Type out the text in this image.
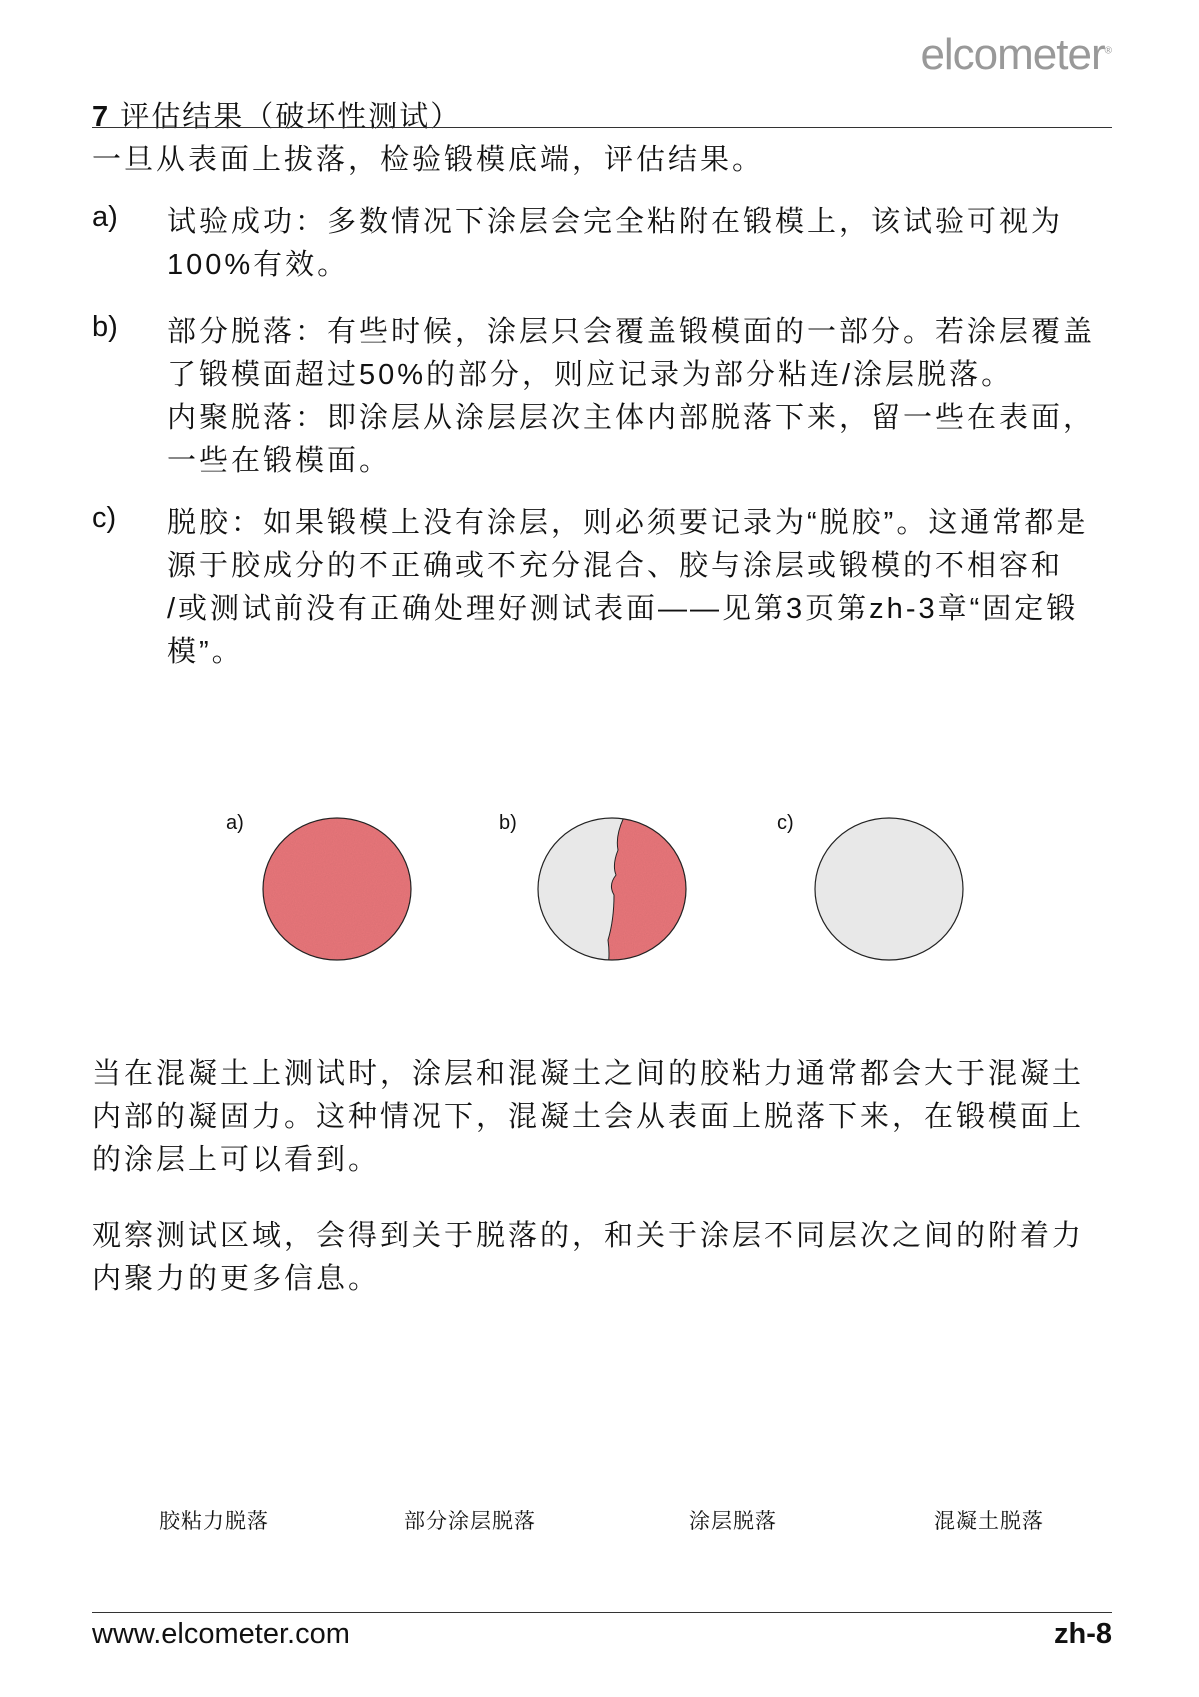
elcometer®
7 评估结果（破坏性测试）
一旦从表面上拔落，检验锻模底端，评估结果。
a) 试验成功：多数情况下涂层会完全粘附在锻模上，该试验可视为
100%有效。
b) 部分脱落：有些时候，涂层只会覆盖锻模面的一部分。若涂层覆盖
了锻模面超过50%的部分，则应记录为部分粘连/涂层脱落。
内聚脱落：即涂层从涂层层次主体内部脱落下来，留一些在表面，
一些在锻模面。
c) 脱胶：如果锻模上没有涂层，则必须要记录为“脱胶”。这通常都是
源于胶成分的不正确或不充分混合、胶与涂层或锻模的不相容和
/或测试前没有正确处理好测试表面——见第3页第zh-3章“固定锻
模”。
a)	b)	c)
当在混凝土上测试时，涂层和混凝土之间的胶粘力通常都会大于混凝土
内部的凝固力。这种情况下，混凝土会从表面上脱落下来，在锻模面上
的涂层上可以看到。
观察测试区域，会得到关于脱落的，和关于涂层不同层次之间的附着力
内聚力的更多信息。
胶粘力脱落	部分涂层脱落	涂层脱落	混凝土脱落
www.elcometer.com	zh-8
